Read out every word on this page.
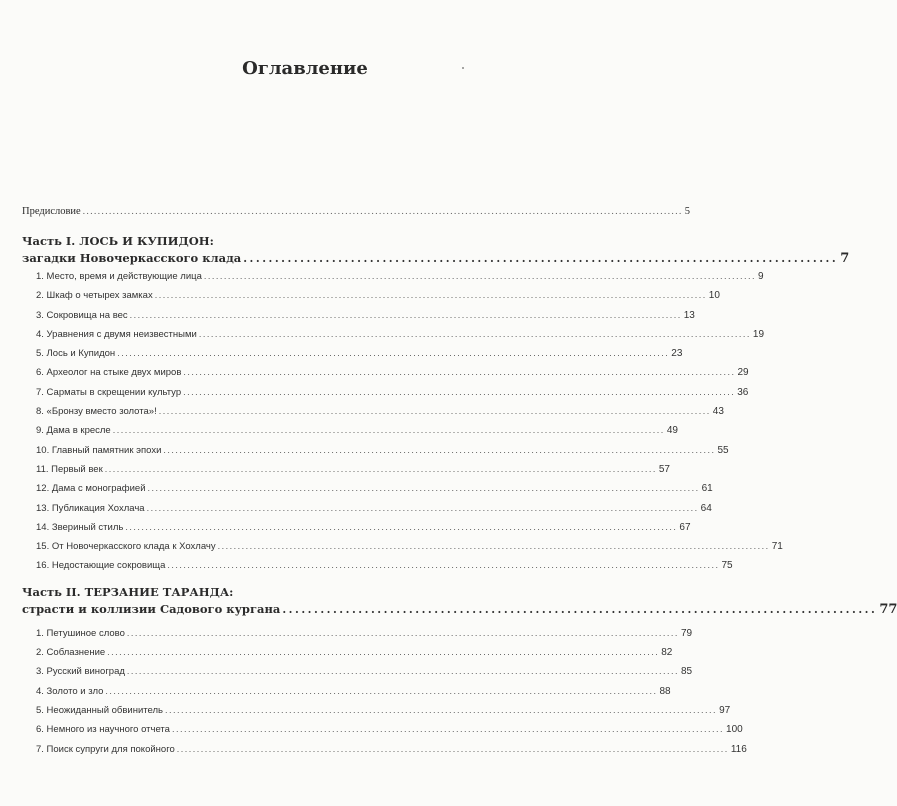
Оглавление
Предисловие ................................................................................................................................................................ 5
Часть I. ЛОСЬ И КУПИДОН:
загадки Новочеркасского клада .............................................................................................. 7
1. Место, время и действующие лица .......................................................................................................................................... 9
2. Шкаф о четырех замках .......................................................................................................................................... 10
3. Сокровища на вес .......................................................................................................................................... 13
4. Уравнения с двумя неизвестными .......................................................................................................................................... 19
5. Лось и Купидон .......................................................................................................................................... 23
6. Археолог на стыке двух миров .......................................................................................................................................... 29
7. Сарматы в скрещении культур .......................................................................................................................................... 36
8. «Бронзу вместо золота»! .......................................................................................................................................... 43
9. Дама в кресле .......................................................................................................................................... 49
10. Главный памятник эпохи .......................................................................................................................................... 55
11. Первый век .......................................................................................................................................... 57
12. Дама с монографией .......................................................................................................................................... 61
13. Публикация Хохлача .......................................................................................................................................... 64
14. Звериный стиль .......................................................................................................................................... 67
15. От Новочеркасского клада к Хохлачу .......................................................................................................................................... 71
16. Недостающие сокровища .......................................................................................................................................... 75
Часть II. ТЕРЗАНИЕ ТАРАНДА:
страсти и коллизии Садового кургана .............................................................................................. 77
1. Петушиное слово .......................................................................................................................................... 79
2. Соблазнение .......................................................................................................................................... 82
3. Русский виноград .......................................................................................................................................... 85
4. Золото и зло .......................................................................................................................................... 88
5. Неожиданный обвинитель .......................................................................................................................................... 97
6. Немного из научного отчета .......................................................................................................................................... 100
7. Поиск супруги для покойного .......................................................................................................................................... 116
